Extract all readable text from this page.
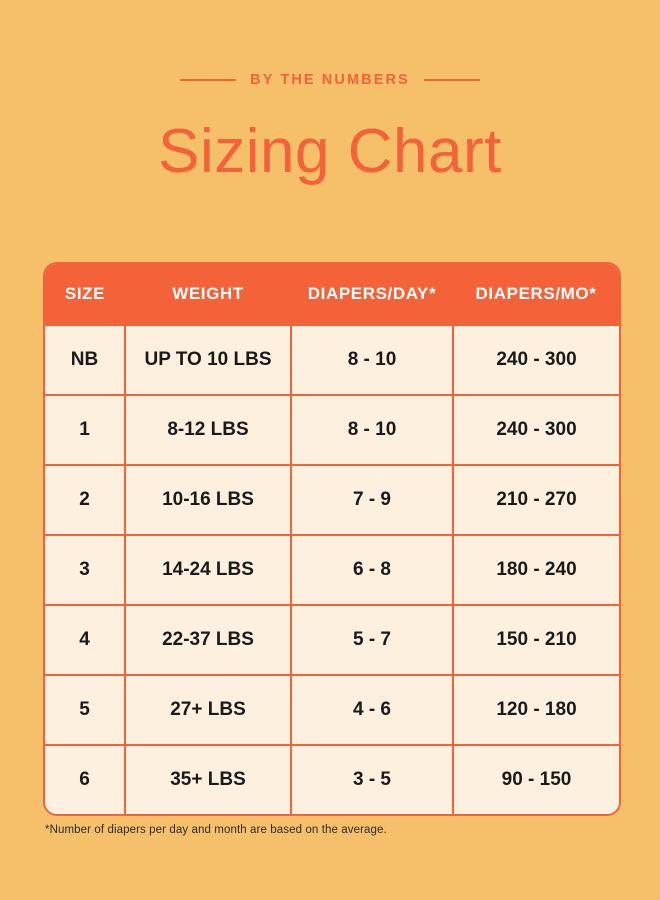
BY THE NUMBERS
Sizing Chart
SIZE	WEIGHT	DIAPERS/DAY*	DIAPERS/MO*
NB	UP TO 10 LBS	8 - 10	240 - 300
1	8-12 LBS	8 - 10	240 - 300
2	10-16 LBS	7 - 9	210 - 270
3	14-24 LBS	6 - 8	180 - 240
4	22-37 LBS	5 - 7	150 - 210
5	27+ LBS	4 - 6	120 - 180
6	35+ LBS	3 - 5	90 - 150
*Number of diapers per day and month are based on the average.
